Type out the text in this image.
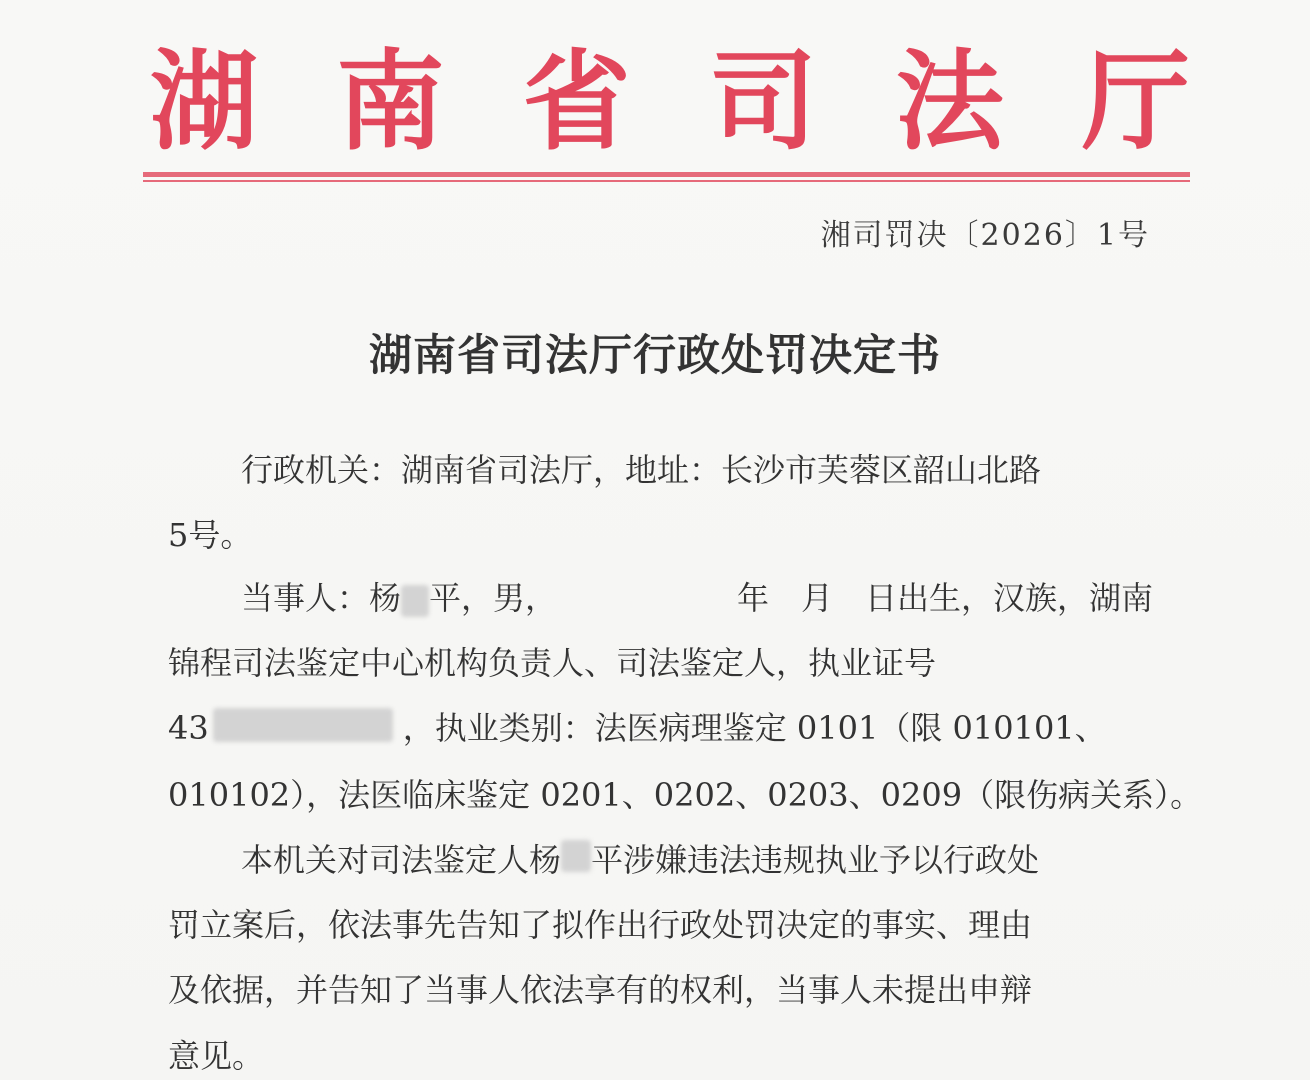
湖 南 省 司 法 厅
湘司罚决〔2026〕1号
湖南省司法厅行政处罚决定书
行政机关：湖南省司法厅，地址：长沙市芙蓉区韶山北路
5号。
当事人：杨 平，男，	年　月　日出生，汉族，湖南
锦程司法鉴定中心机构负责人、司法鉴定人，执业证号
43	，执业类别：法医病理鉴定 0101（限 010101、
010102），法医临床鉴定 0201、0202、0203、0209（限伤病关系）。
本机关对司法鉴定人杨 平涉嫌违法违规执业予以行政处
罚立案后，依法事先告知了拟作出行政处罚决定的事实、理由
及依据，并告知了当事人依法享有的权利，当事人未提出申辩
意见。
